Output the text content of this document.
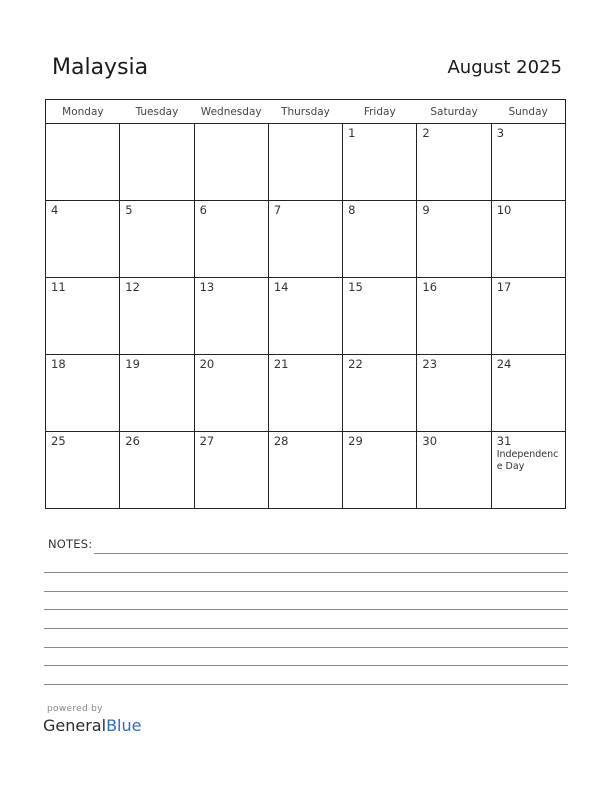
Malaysia	August 2025
Monday	Tuesday	Wednesday	Thursday	Friday	Saturday	Sunday

				1	2	3

4	5	6	7	8	9	10

11	12	13	14	15	16	17

18	19	20	21	22	23	24

25	26	27	28	29	30	31
Independence Day
NOTES:
powered by
GeneralBlue
